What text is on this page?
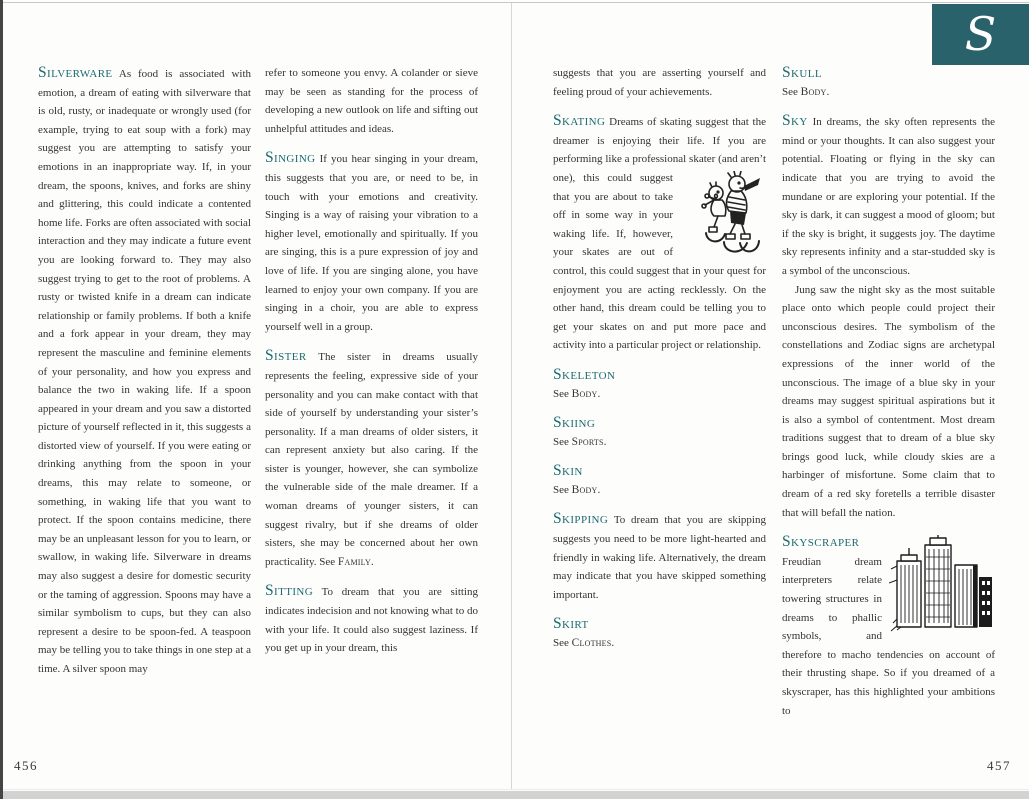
S

Silverware As food is associated with emotion, a dream of eating with silverware that is old, rusty, or inadequate or wrongly used (for example, trying to eat soup with a fork) may suggest you are attempting to satisfy your emotions in an inappropriate way. If, in your dream, the spoons, knives, and forks are shiny and glittering, this could indicate a contented home life. Forks are often associated with social interaction and they may indicate a future event you are looking forward to. They may also suggest trying to get to the root of problems. A rusty or twisted knife in a dream can indicate relationship or family problems. If both a knife and a fork appear in your dream, they may represent the masculine and feminine elements of your personality, and how you express and balance the two in waking life. If a spoon appeared in your dream and you saw a distorted picture of yourself reflected in it, this suggests a distorted view of yourself. If you were eating or drinking anything from the spoon in your dreams, this may relate to someone, or something, in waking life that you want to protect. If the spoon contains medicine, there may be an unpleasant lesson for you to learn, or swallow, in waking life. Silverware in dreams may also suggest a desire for domestic security or the taming of aggression. Spoons may have a similar symbolism to cups, but they can also represent a desire to be spoon-fed. A teaspoon may be telling you to take things in one step at a time. A silver spoon may

refer to someone you envy. A colander or sieve may be seen as standing for the process of developing a new outlook on life and sifting out unhelpful attitudes and ideas.

Singing If you hear singing in your dream, this suggests that you are, or need to be, in touch with your emotions and creativity. Singing is a way of raising your vibration to a higher level, emotionally and spiritually. If you are singing, this is a pure expression of joy and love of life. If you are singing alone, you have learned to enjoy your own company. If you are singing in a choir, you are able to express yourself well in a group.

Sister The sister in dreams usually represents the feeling, expressive side of your personality and you can make contact with that side of yourself by understanding your sister’s personality. If a man dreams of older sisters, it can represent anxiety but also caring. If the sister is younger, however, she can symbolize the vulnerable side of the male dreamer. If a woman dreams of younger sisters, it can suggest rivalry, but if she dreams of older sisters, she may be concerned about her own practicality. See Family.

Sitting To dream that you are sitting indicates indecision and not knowing what to do with your life. It could also suggest laziness. If you get up in your dream, this

suggests that you are asserting yourself and feeling proud of your achievements.

Skating Dreams of skating suggest that the dreamer is enjoying their life. If you are performing like a professional skater (and aren’t one), this could suggest that you are about to take off in some way in your waking life. If, however, your skates are out of control, this could suggest that in your quest for enjoyment you are acting recklessly. On the other hand, this dream could be telling you to get your skates on and put more pace and activity into a particular project or relationship.

Skeleton
See Body.
Skiing
See Sports.
Skin
See Body.

Skipping To dream that you are skipping suggests you need to be more light-hearted and friendly in waking life. Alternatively, the dream may indicate that you have skipped something important.

Skirt
See Clothes.
Skull
See Body.

Sky In dreams, the sky often represents the mind or your thoughts. It can also suggest your potential. Floating or flying in the sky can indicate that you are trying to avoid the mundane or are exploring your potential. If the sky is dark, it can suggest a mood of gloom; but if the sky is bright, it suggests joy. The daytime sky represents infinity and a star-studded sky is a symbol of the unconscious.

Jung saw the night sky as the most suitable place onto which people could project their unconscious desires. The symbolism of the constellations and Zodiac signs are archetypal expressions of the inner world of the unconscious. The image of a blue sky in your dreams may suggest spiritual aspirations but it is also a symbol of contentment. Most dream traditions suggest that to dream of a blue sky brings good luck, while cloudy skies are a harbinger of misfortune. Some claim that to dream of a red sky foretells a terrible disaster that will befall the nation.

Skyscraper Freudian dream interpreters relate towering structures in dreams to phallic symbols, and therefore to macho tendencies on account of their thrusting shape. So if you dreamed of a skyscraper, has this highlighted your ambitions to

456	457
